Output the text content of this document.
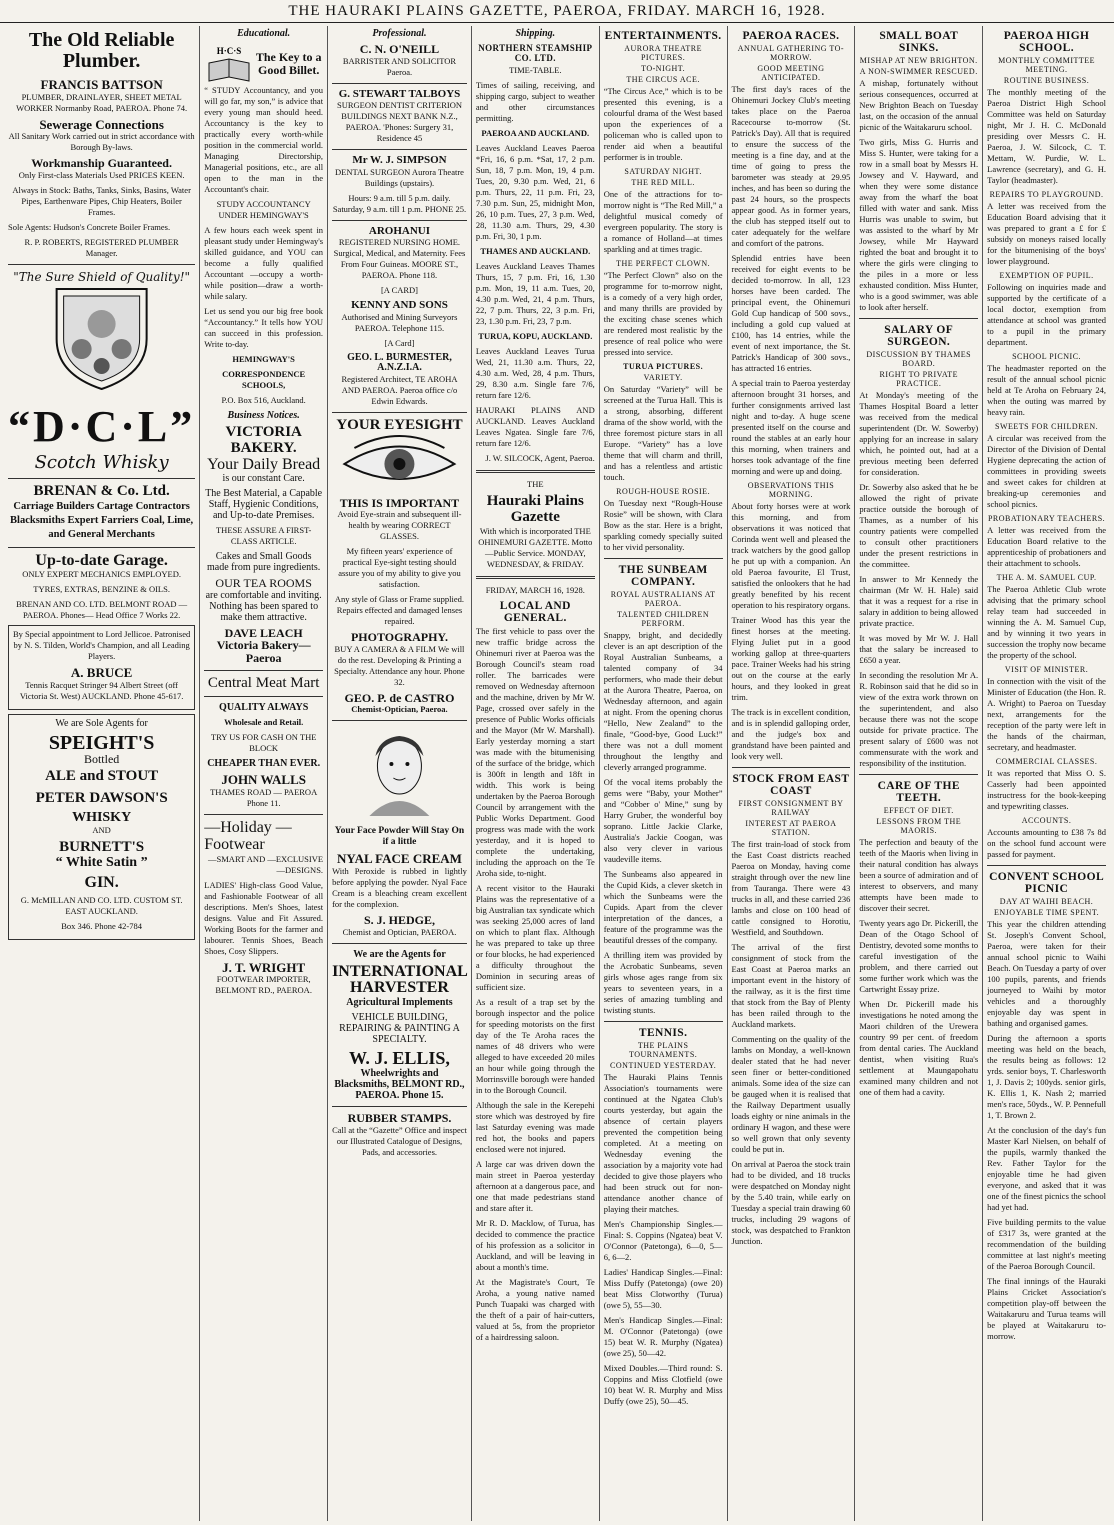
THE HAURAKI PLAINS GAZETTE, PAEROA, FRIDAY. MARCH 16, 1928.
The Old Reliable Plumber.
FRANCIS BATTSON

PLUMBER, DRAINLAYER, SHEET METAL WORKER Normanby Road, PAEROA. Phone 74.

Sewerage Connections

All Sanitary Work carried out in strict accordance with Borough By-laws.

Workmanship Guaranteed.

Only First-class Materials Used PRICES KEEN.

Always in Stock: Baths, Tanks, Sinks, Basins, Water Pipes, Earthenware Pipes, Chip Heaters, Boiler Frames.

Sole Agents: Hudson's Concrete Boiler Frames.

R. P. ROBERTS, REGISTERED PLUMBER Manager.

"The Sure Shield of Quality!"
“D·C·L”
Scotch Whisky
BRENAN & Co. Ltd.

Carriage Builders Cartage Contractors Blacksmiths Expert Farriers Coal, Lime, and General Merchants

Up-to-date Garage.

ONLY EXPERT MECHANICS EMPLOYED.

TYRES, EXTRAS, BENZINE & OILS.

BRENAN AND CO. LTD. BELMONT ROAD — PAEROA. Phones— Head Office 7 Works 22.

By Special appointment to Lord Jellicoe. Patronised by N. S. Tilden, World's Champion, and all Leading Players.

A. BRUCE

Tennis Racquet Stringer 94 Albert Street (off Victoria St. West) AUCKLAND. Phone 45-617.

We are Sole Agents for

SPEIGHT'S

Bottled

ALE and STOUT
PETER DAWSON'S
WHISKY

AND

BURNETT'S
“ White Satin ”
GIN.

G. McMILLAN AND CO. LTD. CUSTOM ST. EAST AUCKLAND.

Box 346. Phone 42-784

Educational.
H·C·S The Key to a Good Billet.

“ STUDY Accountancy, and you will go far, my son,” is advice that every young man should heed. Accountancy is the key to practically every worth-while position in the commercial world. Managing Directorship, Managerial positions, etc., are all open to the man in the Accountant's chair.

STUDY ACCOUNTANCY UNDER HEMINGWAY'S

A few hours each week spent in pleasant study under Hemingway's skilled guidance, and YOU can become a fully qualified Accountant —occupy a worth-while position—draw a worth-while salary.

Let us send you our big free book “Accountancy.” It tells how YOU can succeed in this profession. Write to-day.

HEMINGWAY'S

CORRESPONDENCE SCHOOLS,

P.O. Box 516, Auckland.

Business Notices.
VICTORIA BAKERY.
Your Daily Bread

is our constant Care.

The Best Material, a Capable Staff, Hygienic Conditions, and Up-to-date Premises.

THESE ASSURE A FIRST-CLASS ARTICLE.

Cakes and Small Goods made from pure ingredients.

OUR TEA ROOMS

are comfortable and inviting. Nothing has been spared to make them attractive.

DAVE LEACH
Victoria Bakery—Paeroa
Central Meat Mart

QUALITY ALWAYS

Wholesale and Retail.

TRY US FOR CASH ON THE BLOCK

CHEAPER THAN EVER.

JOHN WALLS

THAMES ROAD — PAEROA Phone 11.

—Holiday —Footwear

—SMART AND —EXCLUSIVE —DESIGNS.

LADIES' High-class Good Value, and Fashionable Footwear of all descriptions. Men's Shoes, latest designs. Value and Fit Assured. Working Boots for the farmer and labourer. Tennis Shoes, Beach Shoes, Cosy Slippers.

J. T. WRIGHT

FOOTWEAR IMPORTER, BELMONT RD., PAEROA.

Professional.
C. N. O'NEILL

BARRISTER AND SOLICITOR Paeroa.

G. STEWART TALBOYS

SURGEON DENTIST CRITERION BUILDINGS NEXT BANK N.Z., PAEROA. 'Phones: Surgery 31, Residence 45

Mr W. J. SIMPSON

DENTAL SURGEON Aurora Theatre Buildings (upstairs).

Hours: 9 a.m. till 5 p.m. daily. Saturday, 9 a.m. till 1 p.m. PHONE 25.

AROHANUI

REGISTERED NURSING HOME. Surgical, Medical, and Maternity. Fees From Four Guineas. MOORE ST., PAEROA. Phone 118.

[A CARD]

KENNY AND SONS

Authorised and Mining Surveyors PAEROA. Telephone 115.

[A Card]

GEO. L. BURMESTER, A.N.Z.I.A.

Registered Architect, TE AROHA AND PAEROA. Paeroa office c/o Edwin Edwards.

YOUR EYESIGHT
THIS IS IMPORTANT

Avoid Eye-strain and subsequent ill-health by wearing CORRECT GLASSES.

My fifteen years' experience of practical Eye-sight testing should assure you of my ability to give you satisfaction.

Any style of Glass or Frame supplied. Repairs effected and damaged lenses repaired.

PHOTOGRAPHY.

BUY A CAMERA & A FILM We will do the rest. Developing & Printing a Specialty. Attendance any hour. Phone 32.

GEO. P. de CASTRO

Chemist-Optician, Paeroa.

Your Face Powder Will Stay On if a little

NYAL FACE CREAM

With Peroxide is rubbed in lightly before applying the powder. Nyal Face Cream is a bleaching cream excellent for the complexion.

S. J. HEDGE,

Chemist and Optician, PAEROA.

We are the Agents for

INTERNATIONAL HARVESTER

Agricultural Implements

VEHICLE BUILDING, REPAIRING & PAINTING A SPECIALTY.

W. J. ELLIS,

Wheelwrights and Blacksmiths, BELMONT RD., PAEROA. Phone 15.

RUBBER STAMPS.

Call at the “Gazette” Office and inspect our Illustrated Catalogue of Designs, Pads, and accessories.

Shipping.
NORTHERN STEAMSHIP CO. LTD.

TIME-TABLE.

Times of sailing, receiving, and shipping cargo, subject to weather and other circumstances permitting.

PAEROA AND AUCKLAND.

Leaves Auckland Leaves Paeroa *Fri, 16, 6 p.m. *Sat, 17, 2 p.m. Sun, 18, 7 p.m. Mon, 19, 4 p.m. Tues, 20, 9.30 p.m. Wed, 21, 6 p.m. Thurs, 22, 11 p.m. Fri, 23, 7.30 p.m. Sun, 25, midnight Mon, 26, 10 p.m. Tues, 27, 3 p.m. Wed, 28, 11.30 a.m. Thurs, 29, 4.30 p.m. Fri, 30, 1 p.m.

THAMES AND AUCKLAND.

Leaves Auckland Leaves Thames Thurs, 15, 7 p.m. Fri, 16, 1.30 p.m. Mon, 19, 11 a.m. Tues, 20, 4.30 p.m. Wed, 21, 4 p.m. Thurs, 22, 7 p.m. Thurs, 22, 3 p.m. Fri, 23, 1.30 p.m. Fri, 23, 7 p.m.

TURUA, KOPU, AUCKLAND.

Leaves Auckland Leaves Turua Wed, 21, 11.30 a.m. Thurs, 22, 4.30 a.m. Wed, 28, 4 p.m. Thurs, 29, 8.30 a.m. Single fare 7/6, return fare 12/6.

HAURAKI PLAINS AND AUCKLAND. Leaves Auckland Leaves Ngatea. Single fare 7/6, return fare 12/6.

J. W. SILCOCK, Agent, Paeroa.

THE

Hauraki Plains Gazette

With which is incorporated THE OHINEMURI GAZETTE. Motto—Public Service. MONDAY, WEDNESDAY, & FRIDAY.

FRIDAY, MARCH 16, 1928.

LOCAL AND GENERAL.

The first vehicle to pass over the new traffic bridge across the Ohinemuri river at Paeroa was the Borough Council's steam road roller. The barricades were removed on Wednesday afternoon and the machine, driven by Mr W. Page, crossed over safely in the presence of Public Works officials and the Mayor (Mr W. Marshall). Early yesterday morning a start was made with the bitumenising of the surface of the bridge, which is 300ft in length and 18ft in width. This work is being undertaken by the Paeroa Borough Council by arrangement with the Public Works Department. Good progress was made with the work yesterday, and it is hoped to complete the undertaking, including the approach on the Te Aroha side, to-night.

A recent visitor to the Hauraki Plains was the representative of a big Australian tax syndicate which was seeking 25,000 acres of land on which to plant flax. Although he was prepared to take up three or four blocks, he had experienced a difficulty throughout the Dominion in securing areas of sufficient size.

As a result of a trap set by the borough inspector and the police for speeding motorists on the first day of the Te Aroha races the names of 48 drivers who were alleged to have exceeded 20 miles an hour while going through the Morrinsville borough were handed in to the Borough Council.

Although the sale in the Kerepehi store which was destroyed by fire last Saturday evening was made red hot, the books and papers enclosed were not injured.

A large car was driven down the main street in Paeroa yesterday afternoon at a dangerous pace, and one that made pedestrians stand and stare after it.

Mr R. D. Macklow, of Turua, has decided to commence the practice of his profession as a solicitor in Auckland, and will be leaving in about a month's time.

At the Magistrate's Court, Te Aroha, a young native named Punch Tuapaki was charged with the theft of a pair of hair-cutters, valued at 5s, from the proprietor of a hairdressing saloon.

ENTERTAINMENTS.

AURORA THEATRE PICTURES.

TO-NIGHT.

THE CIRCUS ACE.

“The Circus Ace,” which is to be presented this evening, is a colourful drama of the West based upon the experiences of a policeman who is called upon to render aid when a beautiful performer is in trouble.

SATURDAY NIGHT.

THE RED MILL.

One of the attractions for to-morrow night is “The Red Mill,” a delightful musical comedy of evergreen popularity. The story is a romance of Holland—at times sparkling and at times tragic.

THE PERFECT CLOWN.

“The Perfect Clown” also on the programme for to-morrow night, is a comedy of a very high order, and many thrills are provided by the exciting chase scenes which are rendered most realistic by the presence of real police who were pressed into service.

TURUA PICTURES.

VARIETY.

On Saturday “Variety” will be screened at the Turua Hall. This is a strong, absorbing, different drama of the show world, with the three foremost picture stars in all Europe. “Variety” has a love theme that will charm and thrill, and has a relentless and artistic touch.

ROUGH-HOUSE ROSIE.

On Tuesday next “Rough-House Rosie” will be shown, with Clara Bow as the star. Here is a bright, sparkling comedy specially suited to her vivid personality.

THE SUNBEAM COMPANY.

ROYAL AUSTRALIANS AT PAEROA.

TALENTED CHILDREN PERFORM.

Snappy, bright, and decidedly clever is an apt description of the Royal Australian Sunbeams, a talented company of 34 performers, who made their debut at the Aurora Theatre, Paeroa, on Wednesday afternoon, and again at night. From the opening chorus “Hello, New Zealand” to the finale, “Good-bye, Good Luck!” there was not a dull moment throughout the lengthy and cleverly arranged programme.

Of the vocal items probably the gems were “Baby, your Mother” and “Cobber o' Mine,” sung by Harry Gruber, the wonderful boy soprano. Little Jackie Clarke, Australia's Jackie Coogan, was also very clever in various vaudeville items.

The Sunbeams also appeared in the Cupid Kids, a clever sketch in which the Sunbeams were the Cupids. Apart from the clever interpretation of the dances, a feature of the programme was the beautiful dresses of the company.

A thrilling item was provided by the Acrobatic Sunbeams, seven girls whose ages range from six years to seventeen years, in a series of amazing tumbling and twisting stunts.

TENNIS.

THE PLAINS TOURNAMENTS.

CONTINUED YESTERDAY.

The Hauraki Plains Tennis Association's tournaments were continued at the Ngatea Club's courts yesterday, but again the absence of certain players prevented the competition being completed. At a meeting on Wednesday evening the association by a majority vote had decided to give those players who had been struck out for non-attendance another chance of playing their matches.

Men's Championship Singles.—Final: S. Coppins (Ngatea) beat V. O'Connor (Patetonga), 6—0, 5—6, 6—2.

Ladies' Handicap Singles.—Final: Miss Duffy (Patetonga) (owe 20) beat Miss Clotworthy (Turua) (owe 5), 55—30.

Men's Handicap Singles.—Final: M. O'Connor (Patetonga) (owe 15) beat W. R. Murphy (Ngatea) (owe 25), 50—42.

Mixed Doubles.—Third round: S. Coppins and Miss Clotfield (owe 10) beat W. R. Murphy and Miss Duffy (owe 25), 50—45.

PAEROA RACES.

ANNUAL GATHERING TO-MORROW.

GOOD MEETING ANTICIPATED.

The first day's races of the Ohinemuri Jockey Club's meeting takes place on the Paeroa Racecourse to-morrow (St. Patrick's Day). All that is required to ensure the success of the meeting is a fine day, and at the time of going to press the barometer was steady at 29.95 inches, and has been so during the past 24 hours, so the prospects appear good. As in former years, the club has stepped itself out to cater adequately for the welfare and comfort of the patrons.

Splendid entries have been received for eight events to be decided to-morrow. In all, 123 horses have been carded. The principal event, the Ohinemuri Gold Cup handicap of 500 sovs., including a gold cup valued at £100, has 14 entries, while the event of next importance, the St. Patrick's Handicap of 300 sovs., has attracted 16 entries.

A special train to Paeroa yesterday afternoon brought 31 horses, and further consignments arrived last night and to-day. A huge scene presented itself on the course and round the stables at an early hour this morning, when trainers and horses took advantage of the fine morning and were up and doing.

OBSERVATIONS THIS MORNING.

About forty horses were at work this morning, and from observations it was noticed that Corinda went well and pleased the track watchers by the good gallop he put up with a companion. An old Paeroa favourite, El Trust, satisfied the onlookers that he had greatly benefited by his recent operation to his respiratory organs.

Trainer Wood has this year the finest horses at the meeting. Flying Juliet put in a good working gallop at three-quarters pace. Trainer Weeks had his string out on the course at the early hours, and they looked in great trim.

The track is in excellent condition, and is in splendid galloping order, and the judge's box and grandstand have been painted and look very well.

STOCK FROM EAST COAST

FIRST CONSIGNMENT BY RAILWAY

INTEREST AT PAEROA STATION.

The first train-load of stock from the East Coast districts reached Paeroa on Monday, having come straight through over the new line from Tauranga. There were 43 trucks in all, and these carried 236 lambs and close on 100 head of cattle consigned to Horotiu, Westfield, and Southdown.

The arrival of the first consignment of stock from the East Coast at Paeroa marks an important event in the history of the railway, as it is the first time that stock from the Bay of Plenty has been railed through to the Auckland markets.

Commenting on the quality of the lambs on Monday, a well-known dealer stated that he had never seen finer or better-conditioned animals. Some idea of the size can be gauged when it is realised that the Railway Department usually loads eighty or nine animals in the ordinary H wagon, and these were so well grown that only seventy could be put in.

On arrival at Paeroa the stock train had to be divided, and 18 trucks were despatched on Monday night by the 5.40 train, while early on Tuesday a special train drawing 60 trucks, including 29 wagons of stock, was despatched to Frankton Junction.

SMALL BOAT SINKS.

MISHAP AT NEW BRIGHTON.

A NON-SWIMMER RESCUED.

A mishap, fortunately without serious consequences, occurred at New Brighton Beach on Tuesday last, on the occasion of the annual picnic of the Waitakaruru school.

Two girls, Miss G. Hurris and Miss S. Hunter, were taking for a row in a small boat by Messrs H. Jowsey and V. Hayward, and when they were some distance away from the wharf the boat filled with water and sank. Miss Hurris was unable to swim, but was assisted to the wharf by Mr Jowsey, while Mr Hayward righted the boat and brought it to where the girls were clinging to the piles in a more or less exhausted condition. Miss Hunter, who is a good swimmer, was able to look after herself.

SALARY OF SURGEON.

DISCUSSION BY THAMES BOARD.

RIGHT TO PRIVATE PRACTICE.

At Monday's meeting of the Thames Hospital Board a letter was received from the medical superintendent (Dr. W. Sowerby) applying for an increase in salary which, he pointed out, had at a previous meeting been deferred for consideration.

Dr. Sowerby also asked that he be allowed the right of private practice outside the borough of Thames, as a number of his country patients were compelled to consult other practitioners under the present restrictions in the committee.

In answer to Mr Kennedy the chairman (Mr W. H. Hale) said that it was a request for a rise in salary in addition to being allowed private practice.

It was moved by Mr W. J. Hall that the salary be increased to £650 a year.

In seconding the resolution Mr A. R. Robinson said that he did so in view of the extra work thrown on the superintendent, and also because there was not the scope outside for private practice. The present salary of £600 was not commensurate with the work and responsibility of the institution.

CARE OF THE TEETH.

EFFECT OF DIET.

LESSONS FROM THE MAORIS.

The perfection and beauty of the teeth of the Maoris when living in their natural condition has always been a source of admiration and of interest to observers, and many attempts have been made to discover their secret.

Twenty years ago Dr. Pickerill, the Dean of the Otago School of Dentistry, devoted some months to careful investigation of the problem, and there carried out some further work which was the Cartwright Essay prize.

When Dr. Pickerill made his investigations he noted among the Maori children of the Urewera country 99 per cent. of freedom from dental caries. The Auckland dentist, when visiting Rua's settlement at Maungapohatu examined many children and not one of them had a cavity.

PAEROA HIGH SCHOOL.

MONTHLY COMMITTEE MEETING.

ROUTINE BUSINESS.

The monthly meeting of the Paeroa District High School Committee was held on Saturday night, Mr J. H. C. McDonald presiding over Messrs C. H. Paeroa, J. W. Silcock, C. T. Mettam, W. Purdie, W. L. Lawrence (secretary), and G. H. Taylor (headmaster).

REPAIRS TO PLAYGROUND.

A letter was received from the Education Board advising that it was prepared to grant a £ for £ subsidy on moneys raised locally for the bitumenising of the boys' lower playground.

EXEMPTION OF PUPIL.

Following on inquiries made and supported by the certificate of a local doctor, exemption from attendance at school was granted to a pupil in the primary department.

SCHOOL PICNIC.

The headmaster reported on the result of the annual school picnic held at Te Aroha on February 24, when the outing was marred by heavy rain.

SWEETS FOR CHILDREN.

A circular was received from the Director of the Division of Dental Hygiene deprecating the action of committees in providing sweets and sweet cakes for children at breaking-up ceremonies and school picnics.

PROBATIONARY TEACHERS.

A letter was received from the Education Board relative to the apprenticeship of probationers and their attachment to schools.

THE A. M. SAMUEL CUP.

The Paeroa Athletic Club wrote advising that the primary school relay team had succeeded in winning the A. M. Samuel Cup, and by winning it two years in succession the trophy now became the property of the school.

VISIT OF MINISTER.

In connection with the visit of the Minister of Education (the Hon. R. A. Wright) to Paeroa on Tuesday next, arrangements for the reception of the party were left in the hands of the chairman, secretary, and headmaster.

COMMERCIAL CLASSES.

It was reported that Miss O. S. Casserly had been appointed instructress for the book-keeping and typewriting classes.

ACCOUNTS.

Accounts amounting to £38 7s 8d on the school fund account were passed for payment.

CONVENT SCHOOL PICNIC

DAY AT WAIHI BEACH.

ENJOYABLE TIME SPENT.

This year the children attending St. Joseph's Convent School, Paeroa, were taken for their annual school picnic to Waihi Beach. On Tuesday a party of over 100 pupils, parents, and friends journeyed to Waihi by motor vehicles and a thoroughly enjoyable day was spent in bathing and organised games.

During the afternoon a sports meeting was held on the beach, the results being as follows: 12 yrds. senior boys, T. Charlesworth 1, J. Davis 2; 100yds. senior girls, K. Ellis 1, K. Nash 2; married men's race, 50yds., W. P. Pennefull 1, T. Brown 2.

At the conclusion of the day's fun Master Karl Nielsen, on behalf of the pupils, warmly thanked the Rev. Father Taylor for the enjoyable time he had given everyone, and asked that it was one of the finest picnics the school had yet had.

Five building permits to the value of £317 3s, were granted at the recommendation of the building committee at last night's meeting of the Paeroa Borough Council.

The final innings of the Hauraki Plains Cricket Association's competition play-off between the Waitakaruru and Turua teams will be played at Waitakaruru to-morrow.
